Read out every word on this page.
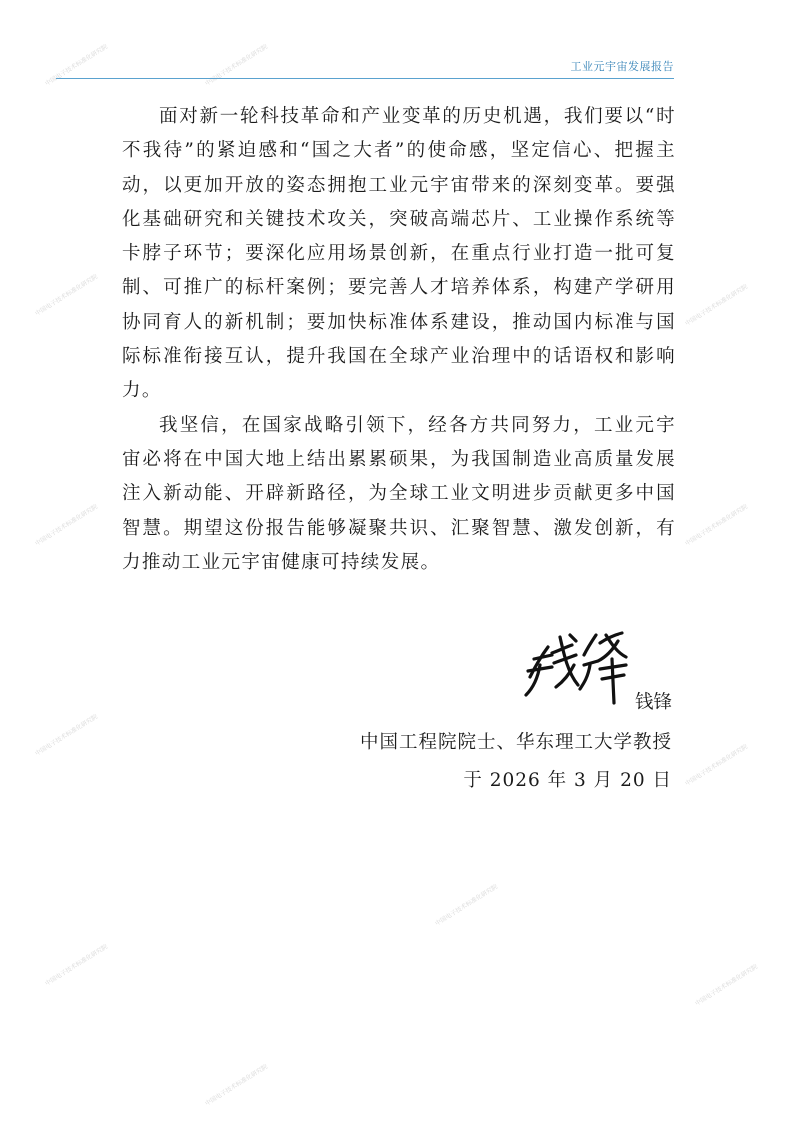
中国电子技术标准化研究院	中国电子技术标准化研究院
中国电子技术标准化研究院	中国电子技术标准化研究院
中国电子技术标准化研究院	中国电子技术标准化研究院
中国电子技术标准化研究院
中国电子技术标准化研究院
中国电子技术标准化研究院	中国电子技术标准化研究院
中国电子技术标准化研究院
中国电子技术标准化研究院
工业元宇宙发展报告

面对新一轮科技革命和产业变革的历史机遇，我们要以“时不我待”的紧迫感和“国之大者”的使命感，坚定信心、把握主动，以更加开放的姿态拥抱工业元宇宙带来的深刻变革。要强化基础研究和关键技术攻关，突破高端芯片、工业操作系统等卡脖子环节；要深化应用场景创新，在重点行业打造一批可复制、可推广的标杆案例；要完善人才培养体系，构建产学研用协同育人的新机制；要加快标准体系建设，推动国内标准与国际标准衔接互认，提升我国在全球产业治理中的话语权和影响力。

我坚信，在国家战略引领下，经各方共同努力，工业元宇宙必将在中国大地上结出累累硕果，为我国制造业高质量发展注入新动能、开辟新路径，为全球工业文明进步贡献更多中国智慧。期望这份报告能够凝聚共识、汇聚智慧、激发创新，有力推动工业元宇宙健康可持续发展。

钱锋
中国工程院院士、华东理工大学教授
于 2026 年 3 月 20 日
